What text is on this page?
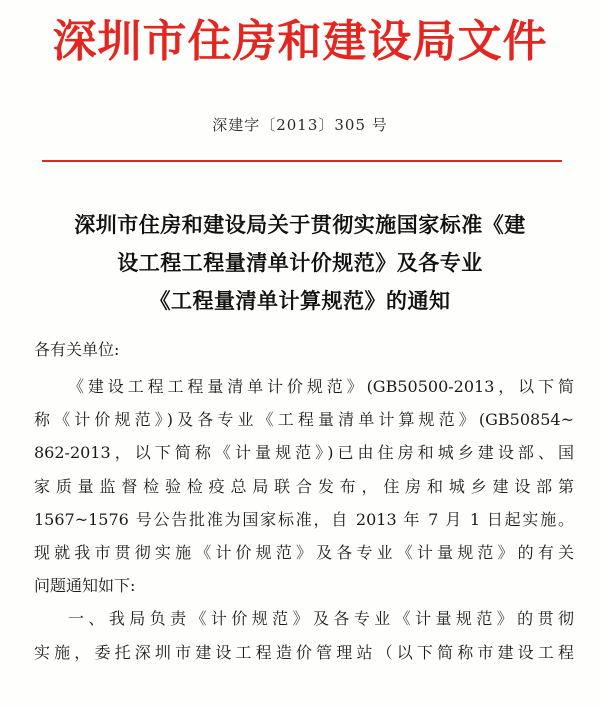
深圳市住房和建设局文件
深建字〔2013〕305 号
深圳市住房和建设局关于贯彻实施国家标准《建
设工程工程量清单计价规范》及各专业
《工程量清单计算规范》的通知
各有关单位:
《建设工程工程量清单计价规范》(GB50500-2013，以下简
称《计价规范》)及各专业《工程量清单计算规范》(GB50854~
862-2013，以下简称《计量规范》)已由住房和城乡建设部、国
家质量监督检验检疫总局联合发布，住房和城乡建设部第
1567~1576 号公告批准为国家标准，自 2013 年 7 月 1 日起实施。
现就我市贯彻实施《计价规范》及各专业《计量规范》的有关
问题通知如下:
一、我局负责《计价规范》及各专业《计量规范》的贯彻
实施，委托深圳市建设工程造价管理站（以下简称市建设工程
